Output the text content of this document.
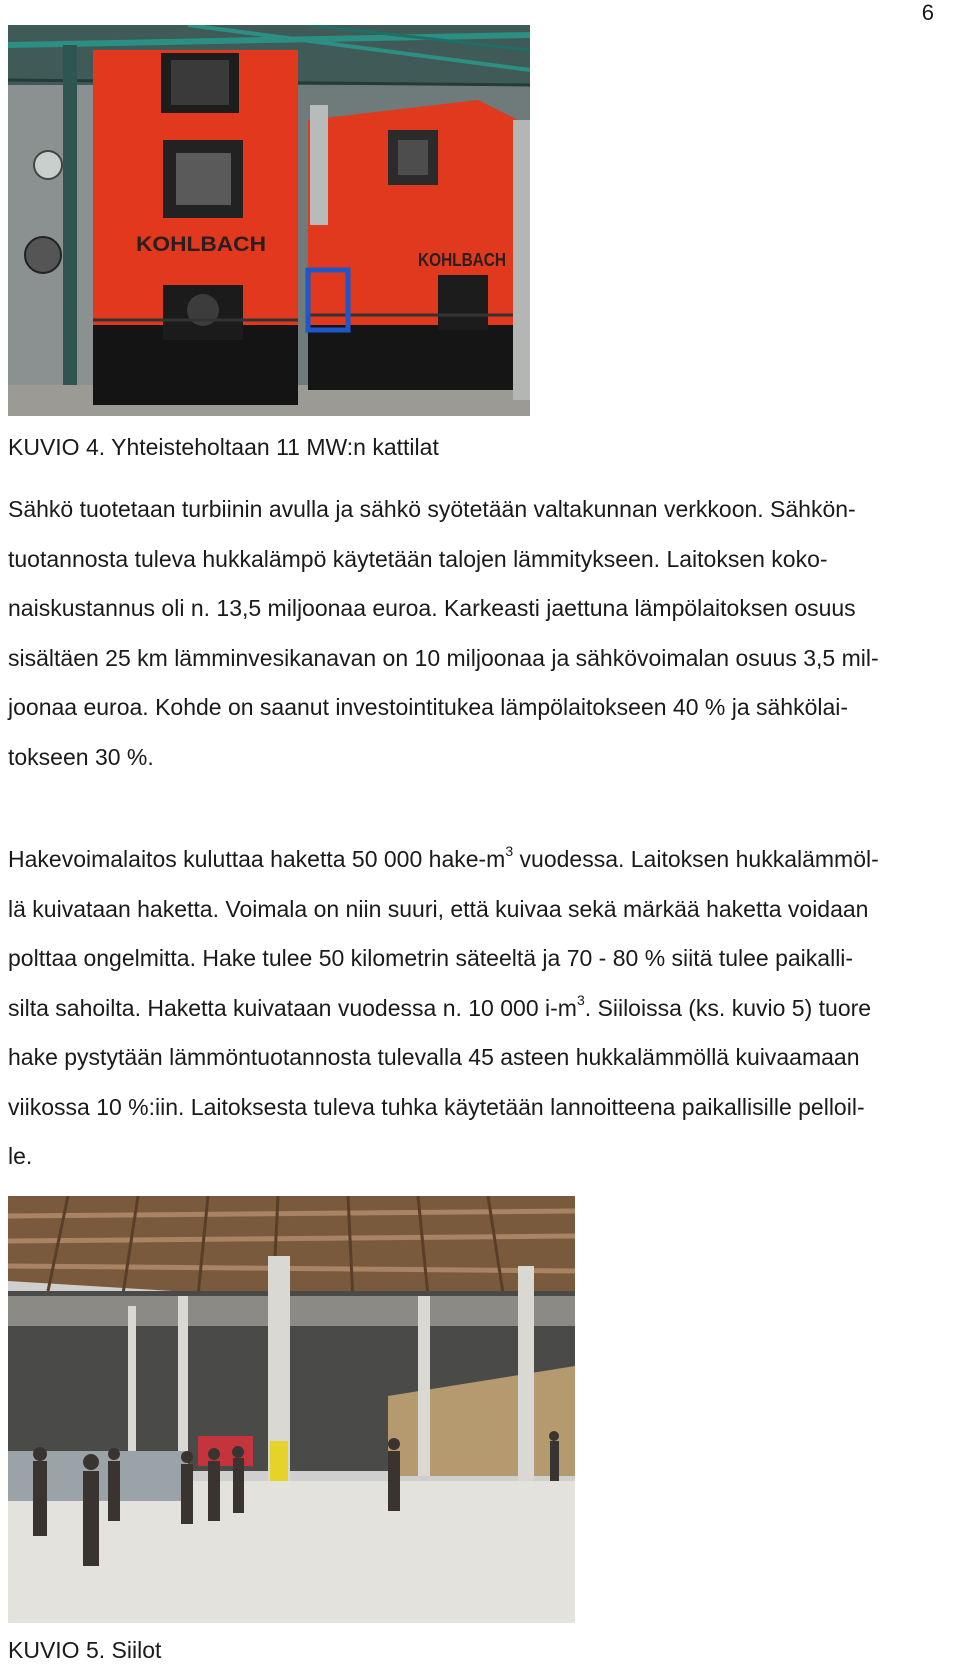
6
KOHLBACH
KOHLBACH
KUVIO 4. Yhteisteholtaan 11 MW:n kattilat

Sähkö tuotetaan turbiinin avulla ja sähkö syötetään valtakunnan verkkoon. Sähkön-
tuotannosta tuleva hukkalämpö käytetään talojen lämmitykseen. Laitoksen koko-
naiskustannus oli n. 13,5 miljoonaa euroa. Karkeasti jaettuna lämpölaitoksen osuus
sisältäen 25 km lämminvesikanavan on 10 miljoonaa ja sähkövoimalan osuus 3,5 mil-
joonaa euroa. Kohde on saanut investointitukea lämpölaitokseen 40 % ja sähkölai-
tokseen 30 %.

Hakevoimalaitos kuluttaa haketta 50 000 hake-$m^3$ vuodessa. Laitoksen hukkalämmöl-
lä kuivataan haketta. Voimala on niin suuri, että kuivaa sekä märkää haketta voidaan
polttaa ongelmitta. Hake tulee 50 kilometrin säteeltä ja 70 - 80 % siitä tulee paikalli-
silta sahoilta. Haketta kuivataan vuodessa n. 10 000 $i-m^3$. Siiloissa (ks. kuvio 5) tuore
hake pystytään lämmöntuotannosta tulevalla 45 asteen hukkalämmöllä kuivaamaan
viikossa 10 %:iin. Laitoksesta tuleva tuhka käytetään lannoitteena paikallisille pelloil-
le.

KUVIO 5. Siilot
